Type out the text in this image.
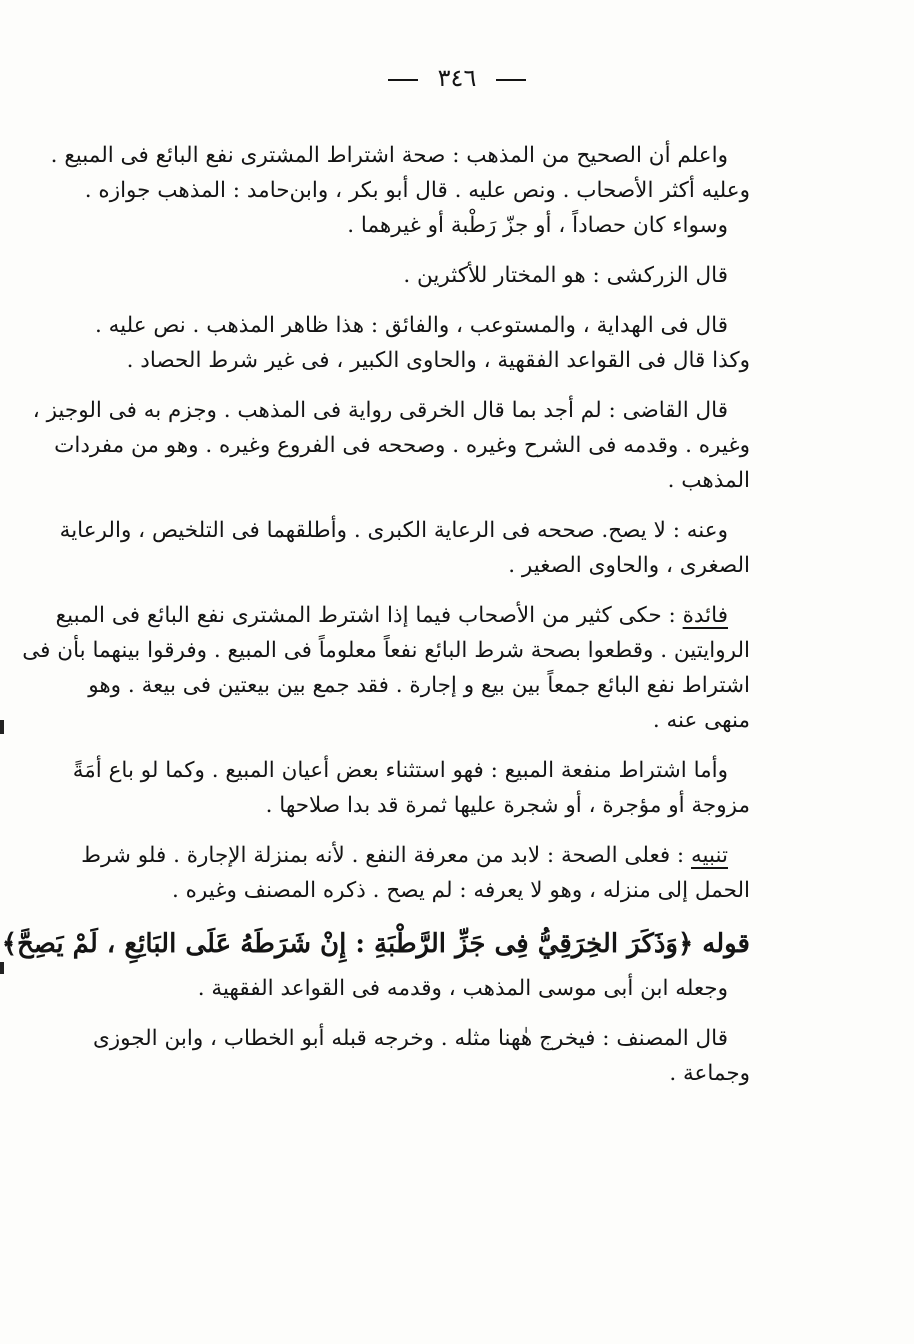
٣٤٦
واعلم أن الصحيح من المذهب : صحة اشتراط المشترى نفع البائع فى المبيع .
وعليه أكثر الأصحاب . ونص عليه . قال أبو بكر ، وابن‌حامد : المذهب جوازه .
وسواء كان حصاداً ، أو جزّ رَطْبة أو غيرهما .
قال الزركشى : هو المختار للأكثرين .
قال فى الهداية ، والمستوعب ، والفائق : هذا ظاهر المذهب . نص عليه .
وكذا قال فى القواعد الفقهية ، والحاوى الكبير ، فى غير شرط الحصاد .
قال القاضى : لم أجد بما قال الخرقى رواية فى المذهب . وجزم به فى الوجيز ،
وغيره . وقدمه فى الشرح وغيره . وصححه فى الفروع وغيره . وهو من مفردات
المذهب .
وعنه : لا يصح. صححه فى الرعاية الكبرى . وأطلقهما فى التلخيص ، والرعاية
الصغرى ، والحاوى الصغير .
فائدة : حكى كثير من الأصحاب فيما إذا اشترط المشترى نفع البائع فى المبيع
الروايتين . وقطعوا بصحة شرط البائع نفعاً معلوماً فى المبيع . وفرقوا بينهما بأن فى
اشتراط نفع البائع جمعاً بين بيع و إجارة . فقد جمع بين بيعتين فى بيعة . وهو
منهى عنه .
وأما اشتراط منفعة المبيع : فهو استثناء بعض أعيان المبيع . وكما لو باع أمَةً
مزوجة أو مؤجرة ، أو شجرة عليها ثمرة قد بدا صلاحها .
تنبيه : فعلى الصحة : لابد من معرفة النفع . لأنه بمنزلة الإجارة . فلو شرط
الحمل إلى منزله ، وهو لا يعرفه : لم يصح . ذكره المصنف وغيره .
قوله ﴿وَذَكَرَ الخِرَقِيُّ فِى جَزِّ الرَّطْبَةِ : إِنْ شَرَطَهُ عَلَى البَائِعِ ، لَمْ يَصِحَّ﴾
وجعله ابن أبى موسى المذهب ، وقدمه فى القواعد الفقهية .
قال المصنف : فيخرج هٰهنا مثله . وخرجه قبله أبو الخطاب ، وابن الجوزى
وجماعة .
